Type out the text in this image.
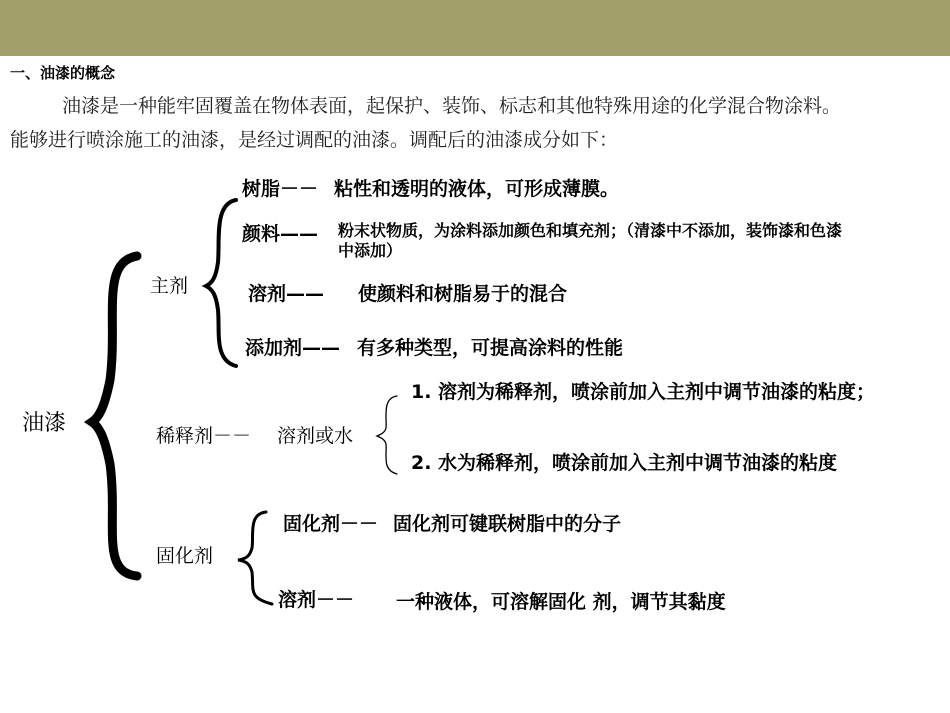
一、油漆的概念
油漆是一种能牢固覆盖在物体表面，起保护、装饰、标志和其他特殊用途的化学混合物涂料。
能够进行喷涂施工的油漆，是经过调配的油漆。调配后的油漆成分如下：
油漆
主剂
树脂－－ 粘性和透明的液体，可形成薄膜。
颜料—— 粉末状物质，为涂料添加颜色和填充剂；（清漆中不添加，装饰漆和色漆
中添加）
溶剂—— 使颜料和树脂易于的混合
添加剂—— 有多种类型，可提高涂料的性能
稀释剂－－ 溶剂或水
1. 溶剂为稀释剂，喷涂前加入主剂中调节油漆的粘度；
2. 水为稀释剂，喷涂前加入主剂中调节油漆的粘度
固化剂
固化剂－－ 固化剂可键联树脂中的分子
溶剂－－ 一种液体，可溶解固化 剂，调节其黏度
